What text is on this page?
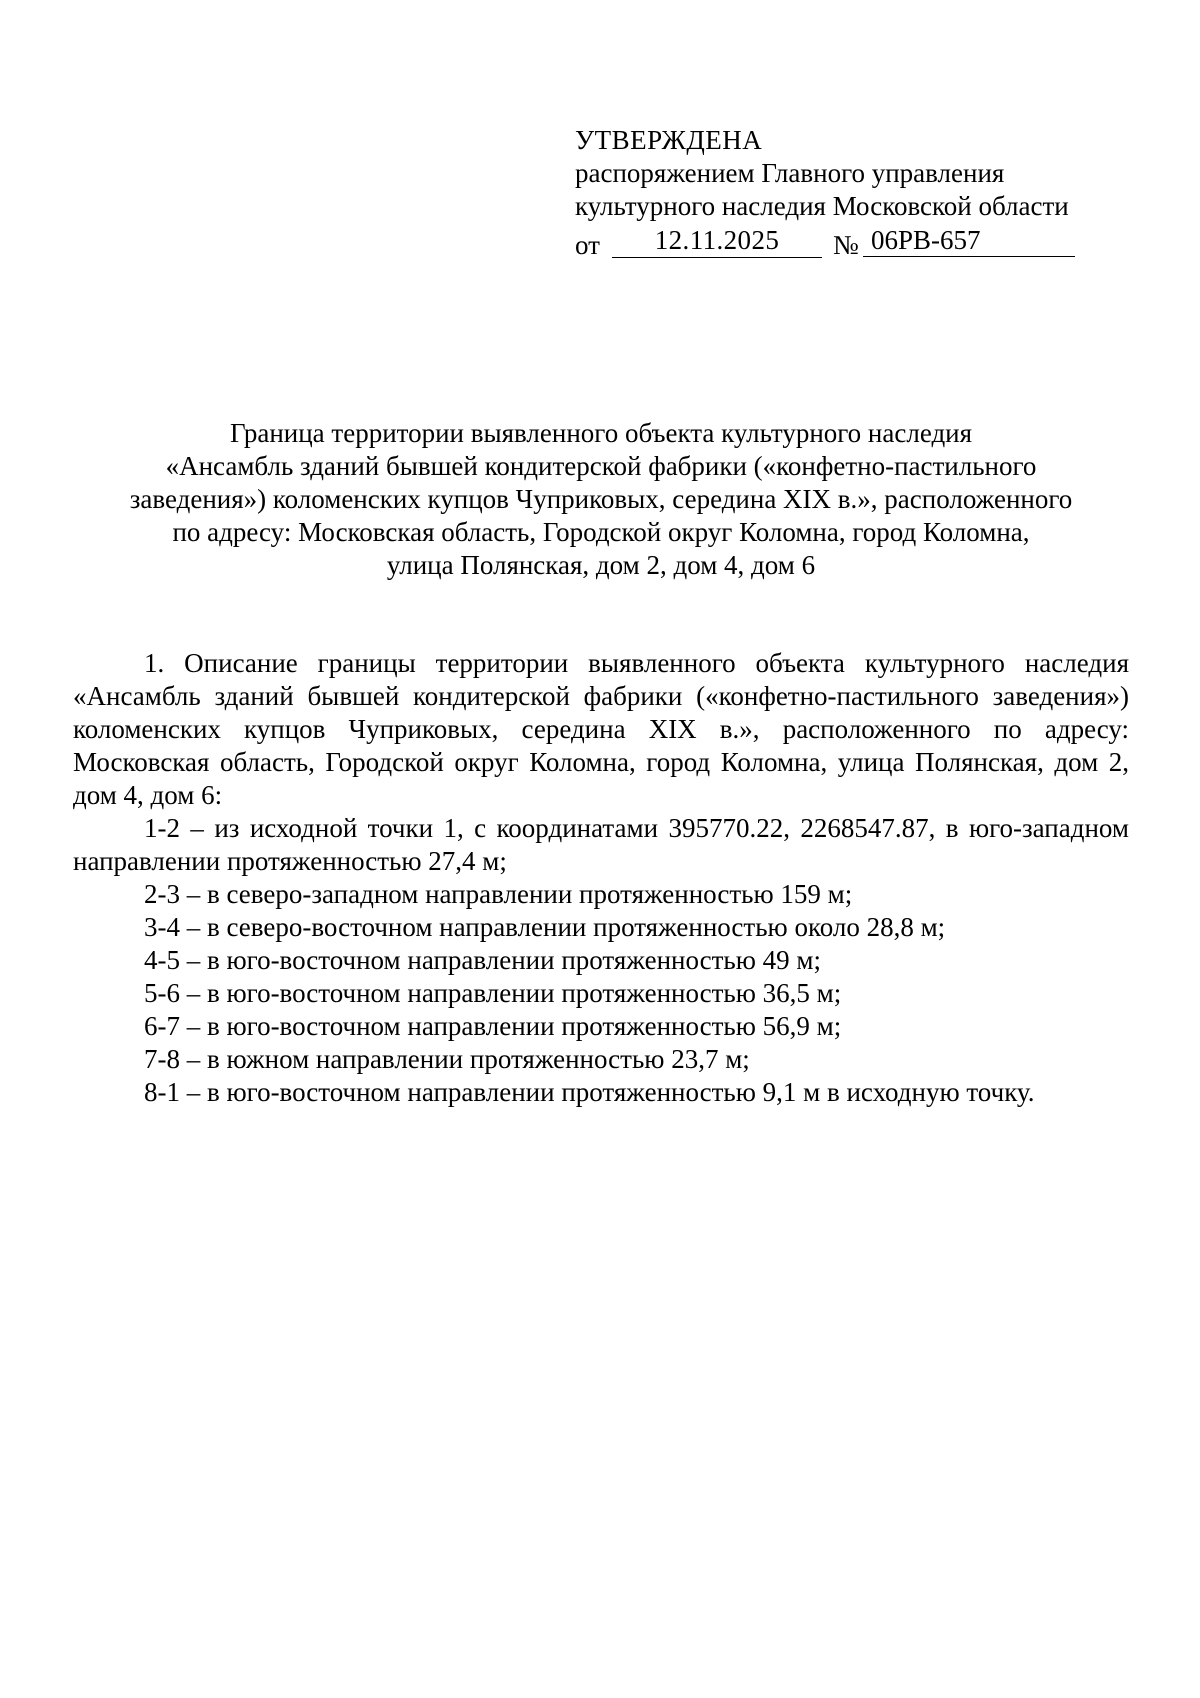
УТВЕРЖДЕНА
распоряжением Главного управления
культурного наследия Московской области
от	12.11.2025	№ 06РВ-657
Граница территории выявленного объекта культурного наследия
«Ансамбль зданий бывшей кондитерской фабрики («конфетно-пастильного
заведения») коломенских купцов Чуприковых, середина XIX в.», расположенного
по адресу: Московская область, Городской округ Коломна, город Коломна,
улица Полянская, дом 2, дом 4, дом 6

1. Описание границы территории выявленного объекта культурного наследия «Ансамбль зданий бывшей кондитерской фабрики («конфетно-пастильного заведения») коломенских купцов Чуприковых, середина XIX в.», расположенного по адресу: Московская область, Городской округ Коломна, город Коломна, улица Полянская, дом 2, дом 4, дом 6:

1-2 – из исходной точки 1, с координатами 395770.22, 2268547.87, в юго-западном направлении протяженностью 27,4 м;

2-3 – в северо-западном направлении протяженностью 159 м;

3-4 – в северо-восточном направлении протяженностью около 28,8 м;

4-5 – в юго-восточном направлении протяженностью 49 м;

5-6 – в юго-восточном направлении протяженностью 36,5 м;

6-7 – в юго-восточном направлении протяженностью 56,9 м;

7-8 – в южном направлении протяженностью 23,7 м;

8-1 – в юго-восточном направлении протяженностью 9,1 м в исходную точку.
